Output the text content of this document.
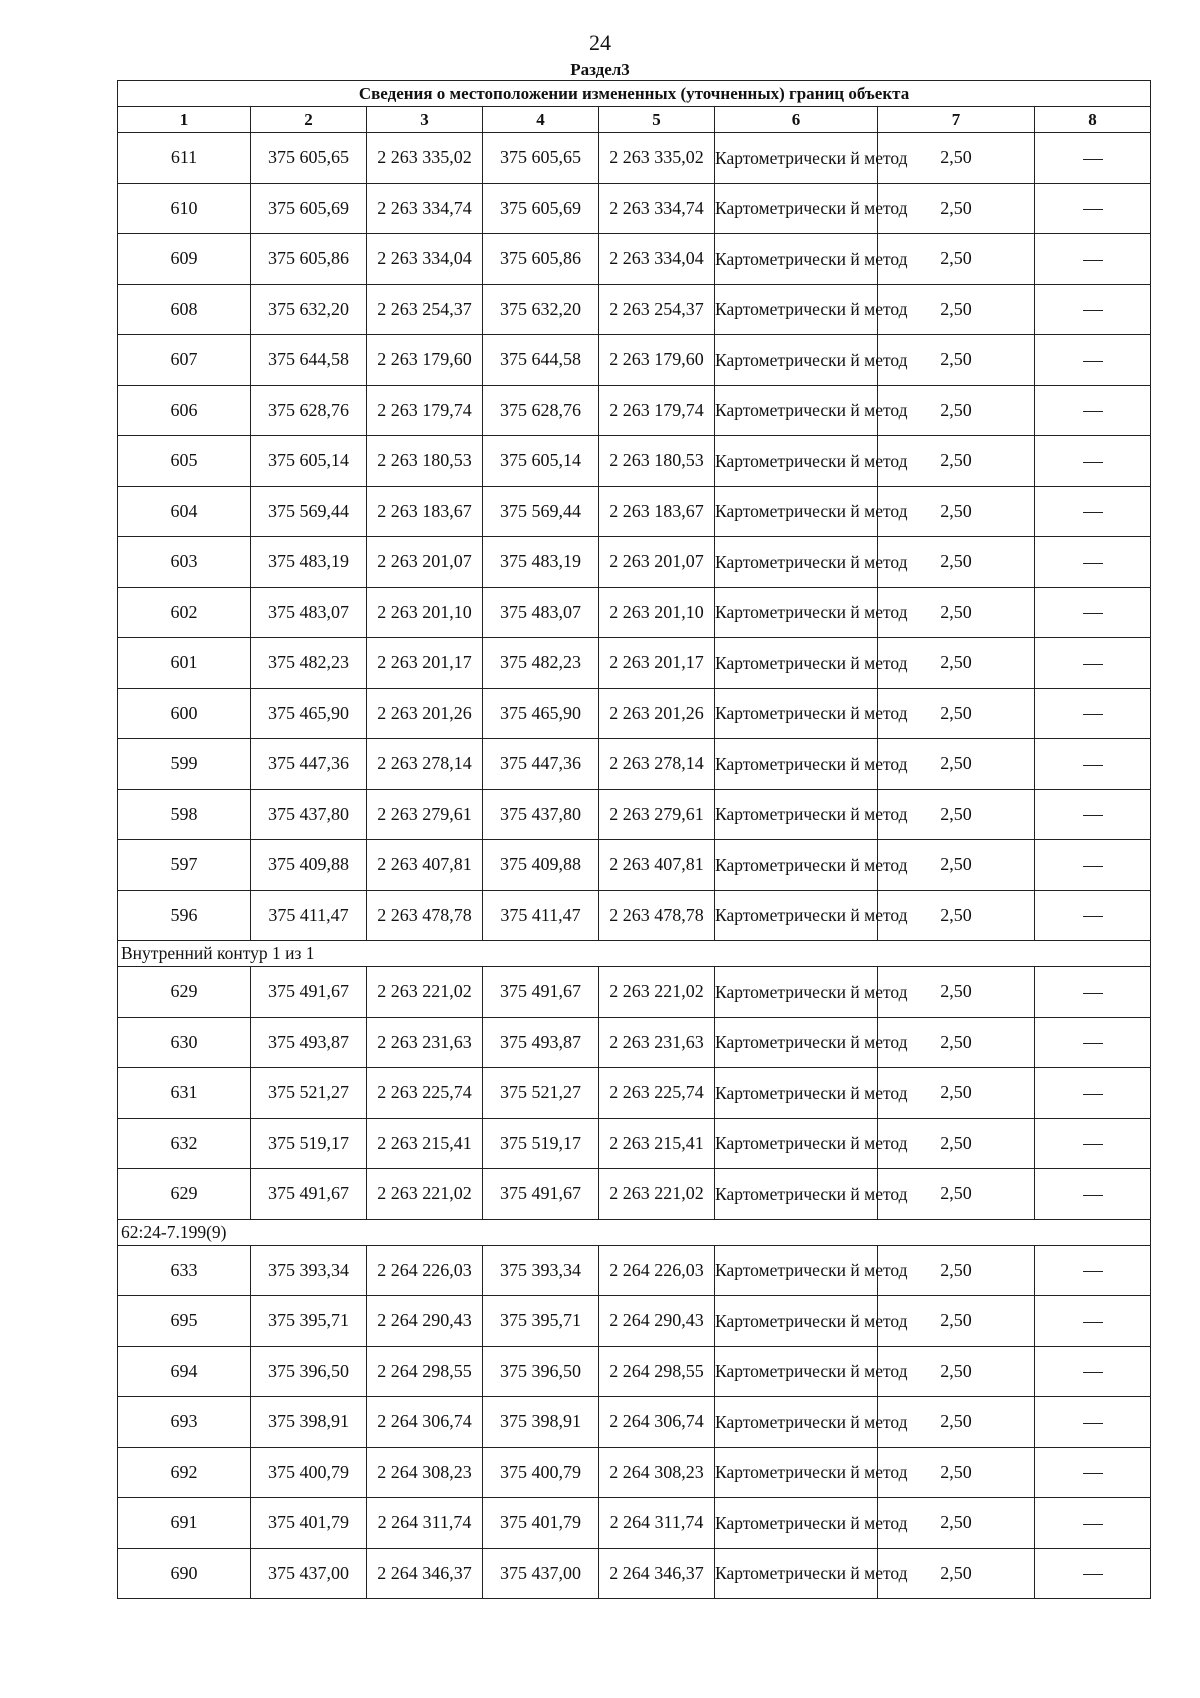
24
Раздел3
Сведения о местоположении измененных (уточненных) границ объекта							
1	2	3	4	5	6	7	8
611	375 605,65	2 263 335,02	375 605,65	2 263 335,02	Картометрически й метод	2,50	
610	375 605,69	2 263 334,74	375 605,69	2 263 334,74	Картометрически й метод	2,50	
609	375 605,86	2 263 334,04	375 605,86	2 263 334,04	Картометрически й метод	2,50	
608	375 632,20	2 263 254,37	375 632,20	2 263 254,37	Картометрически й метод	2,50	
607	375 644,58	2 263 179,60	375 644,58	2 263 179,60	Картометрически й метод	2,50	
606	375 628,76	2 263 179,74	375 628,76	2 263 179,74	Картометрически й метод	2,50	
605	375 605,14	2 263 180,53	375 605,14	2 263 180,53	Картометрически й метод	2,50	
604	375 569,44	2 263 183,67	375 569,44	2 263 183,67	Картометрически й метод	2,50	
603	375 483,19	2 263 201,07	375 483,19	2 263 201,07	Картометрически й метод	2,50	
602	375 483,07	2 263 201,10	375 483,07	2 263 201,10	Картометрически й метод	2,50	
601	375 482,23	2 263 201,17	375 482,23	2 263 201,17	Картометрически й метод	2,50	
600	375 465,90	2 263 201,26	375 465,90	2 263 201,26	Картометрически й метод	2,50	
599	375 447,36	2 263 278,14	375 447,36	2 263 278,14	Картометрически й метод	2,50	
598	375 437,80	2 263 279,61	375 437,80	2 263 279,61	Картометрически й метод	2,50	
597	375 409,88	2 263 407,81	375 409,88	2 263 407,81	Картометрически й метод	2,50	
596	375 411,47	2 263 478,78	375 411,47	2 263 478,78	Картометрически й метод	2,50	
Внутренний контур 1 из 1							
629	375 491,67	2 263 221,02	375 491,67	2 263 221,02	Картометрически й метод	2,50	
630	375 493,87	2 263 231,63	375 493,87	2 263 231,63	Картометрически й метод	2,50	
631	375 521,27	2 263 225,74	375 521,27	2 263 225,74	Картометрически й метод	2,50	
632	375 519,17	2 263 215,41	375 519,17	2 263 215,41	Картометрически й метод	2,50	
629	375 491,67	2 263 221,02	375 491,67	2 263 221,02	Картометрически й метод	2,50	
62:24-7.199(9)							
633	375 393,34	2 264 226,03	375 393,34	2 264 226,03	Картометрически й метод	2,50	
695	375 395,71	2 264 290,43	375 395,71	2 264 290,43	Картометрически й метод	2,50	
694	375 396,50	2 264 298,55	375 396,50	2 264 298,55	Картометрически й метод	2,50	
693	375 398,91	2 264 306,74	375 398,91	2 264 306,74	Картометрически й метод	2,50	
692	375 400,79	2 264 308,23	375 400,79	2 264 308,23	Картометрически й метод	2,50	
691	375 401,79	2 264 311,74	375 401,79	2 264 311,74	Картометрически й метод	2,50	
690	375 437,00	2 264 346,37	375 437,00	2 264 346,37	Картометрически й метод	2,50	
